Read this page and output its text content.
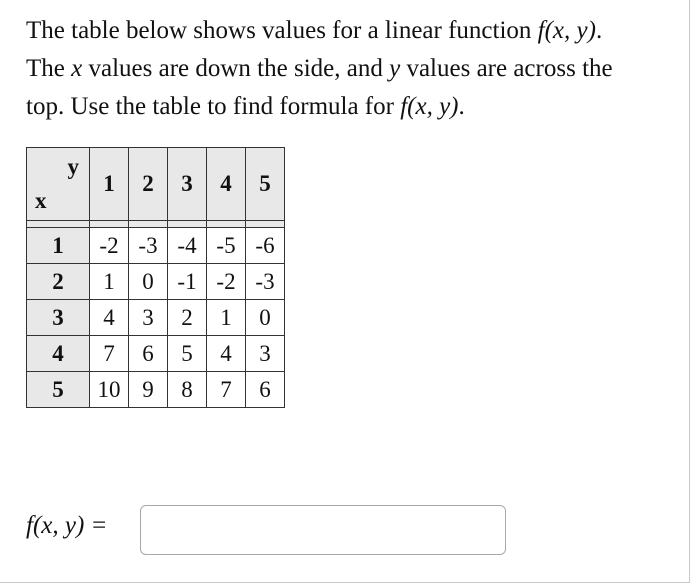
The table below shows values for a linear function f(x, y).
The x values are down the side, and y values are across the
top. Use the table to find formula for f(x, y).
y
x	1	2	3	4	5

1	-2	-3	-4	-5	-6
2	1	0	-1	-2	-3
3	4	3	2	1	0
4	7	6	5	4	3
5	10	9	8	7	6
f(x, y) =
